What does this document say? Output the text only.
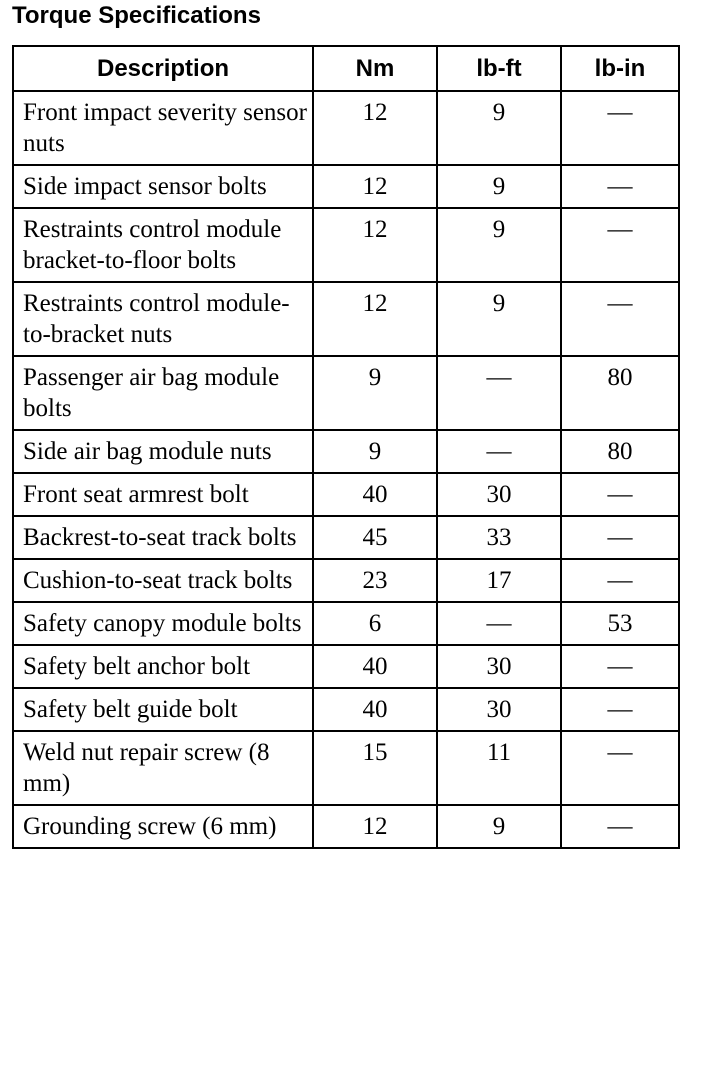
Torque Specifications
Description	Nm	lb-ft	lb-in
Front impact severity sensor nuts	12	9	—
Side impact sensor bolts	12	9	—
Restraints control module bracket-to-floor bolts	12	9	—
Restraints control module-to-bracket nuts	12	9	—
Passenger air bag module bolts	9	—	80
Side air bag module nuts	9	—	80
Front seat armrest bolt	40	30	—
Backrest-to-seat track bolts	45	33	—
Cushion-to-seat track bolts	23	17	—
Safety canopy module bolts	6	—	53
Safety belt anchor bolt	40	30	—
Safety belt guide bolt	40	30	—
Weld nut repair screw (8 mm)	15	11	—
Grounding screw (6 mm)	12	9	—
